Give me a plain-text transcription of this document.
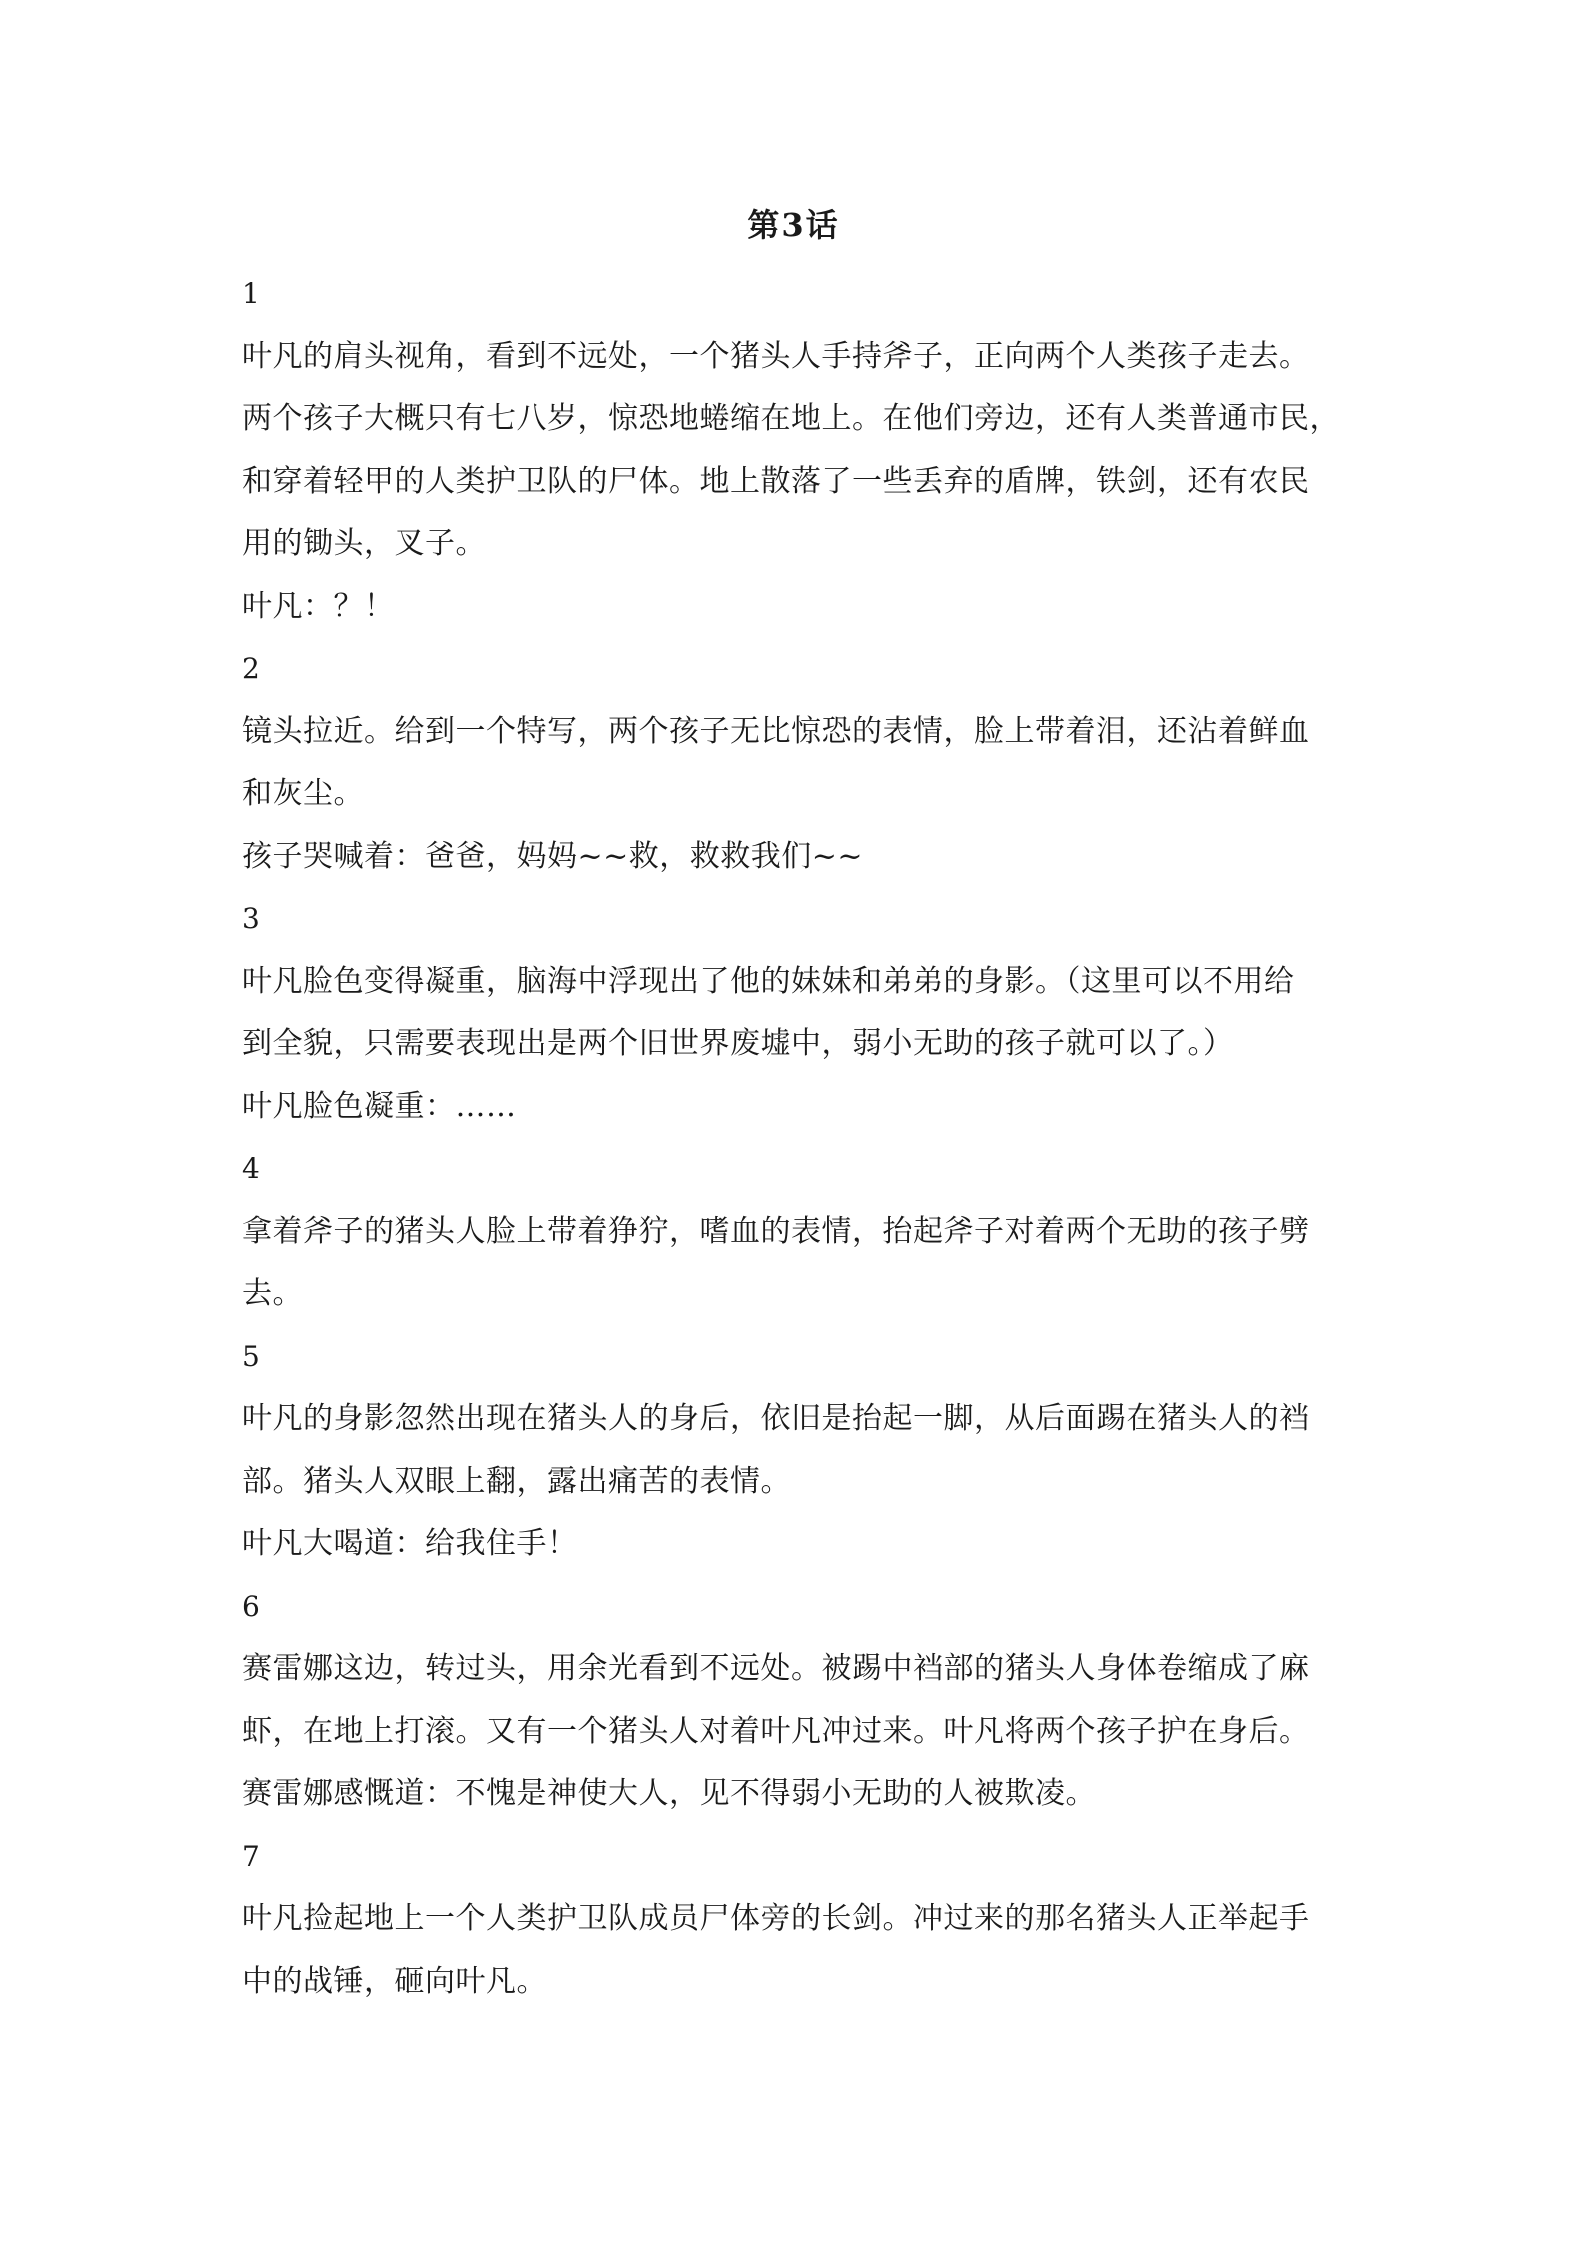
第3话
1
叶凡的肩头视角，看到不远处，一个猪头人手持斧子，正向两个人类孩子走去。
两个孩子大概只有七八岁，惊恐地蜷缩在地上。在他们旁边，还有人类普通市民，
和穿着轻甲的人类护卫队的尸体。地上散落了一些丢弃的盾牌，铁剑，还有农民
用的锄头，叉子。
叶凡：？！
2
镜头拉近。给到一个特写，两个孩子无比惊恐的表情，脸上带着泪，还沾着鲜血
和灰尘。
孩子哭喊着：爸爸，妈妈~~救，救救我们~~
3
叶凡脸色变得凝重，脑海中浮现出了他的妹妹和弟弟的身影。（这里可以不用给
到全貌，只需要表现出是两个旧世界废墟中，弱小无助的孩子就可以了。）
叶凡脸色凝重：……
4
拿着斧子的猪头人脸上带着狰狞，嗜血的表情，抬起斧子对着两个无助的孩子劈
去。
5
叶凡的身影忽然出现在猪头人的身后，依旧是抬起一脚，从后面踢在猪头人的裆
部。猪头人双眼上翻，露出痛苦的表情。
叶凡大喝道：给我住手！
6
赛雷娜这边，转过头，用余光看到不远处。被踢中裆部的猪头人身体卷缩成了麻
虾，在地上打滚。又有一个猪头人对着叶凡冲过来。叶凡将两个孩子护在身后。
赛雷娜感慨道：不愧是神使大人，见不得弱小无助的人被欺凌。
7
叶凡捡起地上一个人类护卫队成员尸体旁的长剑。冲过来的那名猪头人正举起手
中的战锤，砸向叶凡。
